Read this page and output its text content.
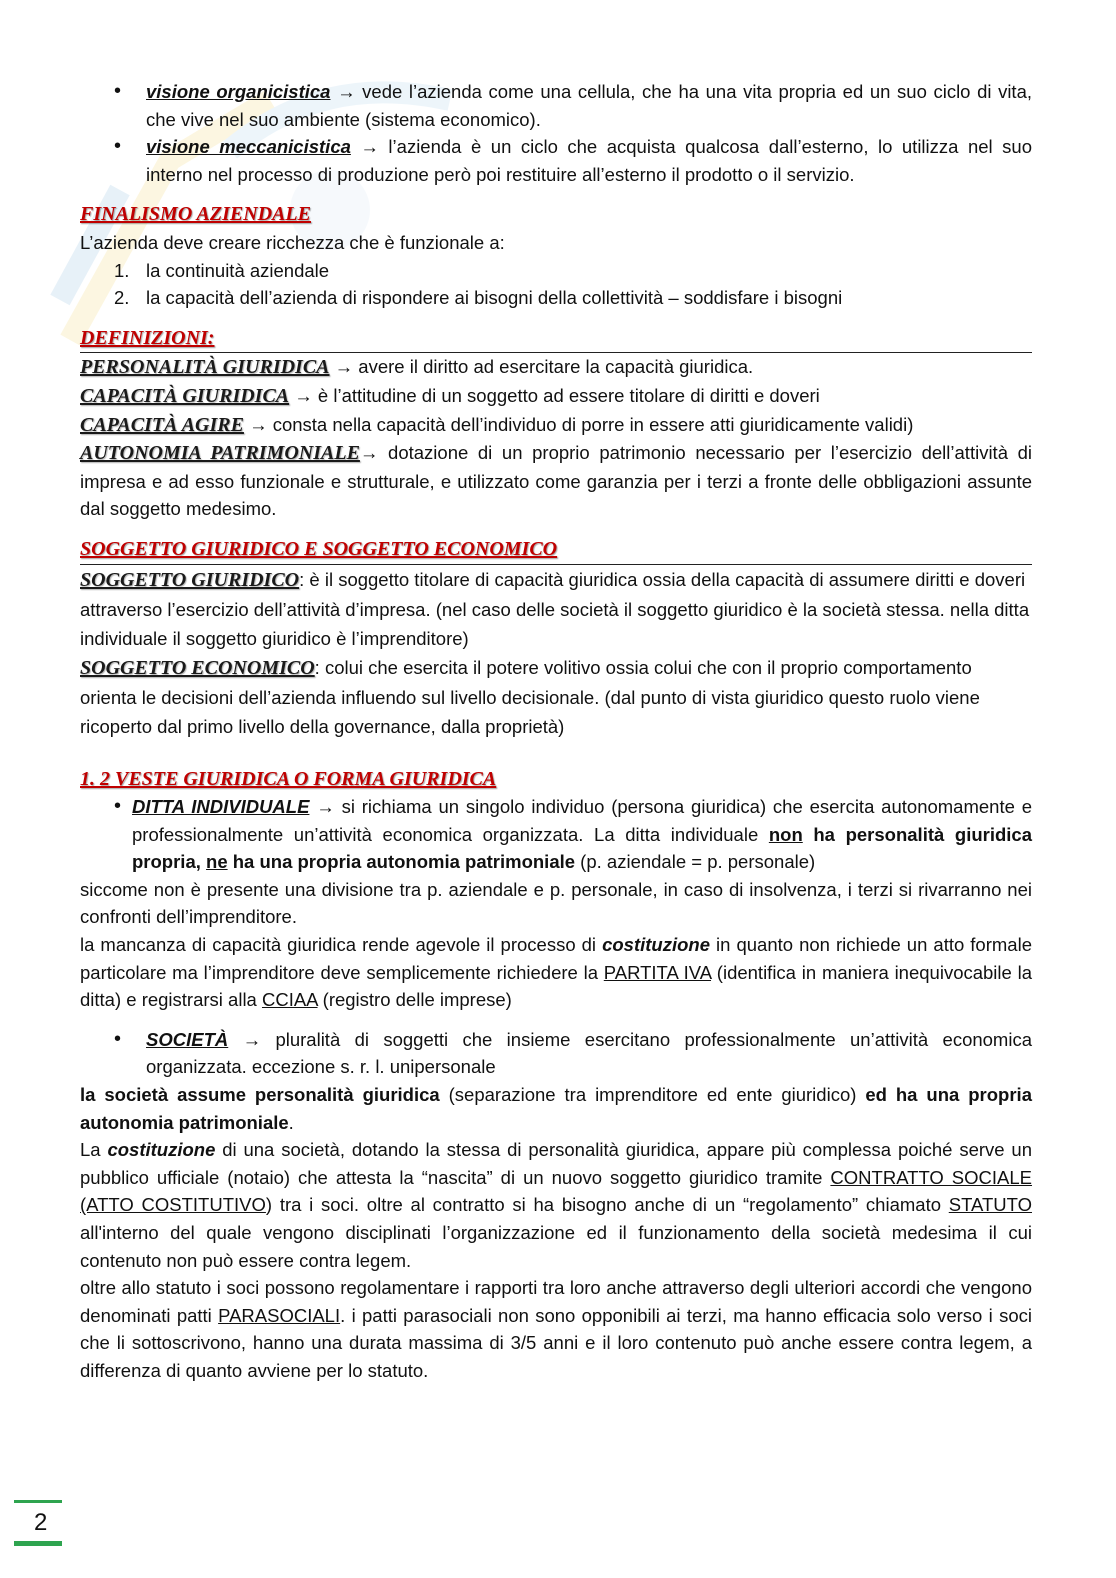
• visione organicistica → vede l’azienda come una cellula, che ha una vita propria ed un suo ciclo di vita, che vive nel suo ambiente (sistema economico).
• visione meccanicistica → l’azienda è un ciclo che acquista qualcosa dall’esterno, lo utilizza nel suo interno nel processo di produzione però poi restituire all’esterno il prodotto o il servizio.
FINALISMO AZIENDALE
L’azienda deve creare ricchezza che è funzionale a:
1. la continuità aziendale
2. la capacità dell’azienda di rispondere ai bisogni della collettività – soddisfare i bisogni
DEFINIZIONI:
PERSONALITÀ GIURIDICA → avere il diritto ad esercitare la capacità giuridica.
CAPACITÀ GIURIDICA → è l’attitudine di un soggetto ad essere titolare di diritti e doveri
CAPACITÀ AGIRE → consta nella capacità dell’individuo di porre in essere atti giuridicamente validi)
AUTONOMIA PATRIMONIALE→ dotazione di un proprio patrimonio necessario per l’esercizio dell’attività di impresa e ad esso funzionale e strutturale, e utilizzato come garanzia per i terzi a fronte delle obbligazioni assunte dal soggetto medesimo.
SOGGETTO GIURIDICO E SOGGETTO ECONOMICO
SOGGETTO GIURIDICO: è il soggetto titolare di capacità giuridica ossia della capacità di assumere diritti e doveri attraverso l’esercizio dell’attività d’impresa. (nel caso delle società il soggetto giuridico è la società stessa. nella ditta individuale il soggetto giuridico è l’imprenditore)
SOGGETTO ECONOMICO: colui che esercita il potere volitivo ossia colui che con il proprio comportamento orienta le decisioni dell’azienda influendo sul livello decisionale. (dal punto di vista giuridico questo ruolo viene ricoperto dal primo livello della governance, dalla proprietà)
1. 2 VESTE GIURIDICA O FORMA GIURIDICA
• DITTA INDIVIDUALE → si richiama un singolo individuo (persona giuridica) che esercita autonomamente e professionalmente un’attività economica organizzata. La ditta individuale non ha personalità giuridica propria, ne ha una propria autonomia patrimoniale (p. aziendale = p. personale)
siccome non è presente una divisione tra p. aziendale e p. personale, in caso di insolvenza, i terzi si rivarranno nei confronti dell’imprenditore.
la mancanza di capacità giuridica rende agevole il processo di costituzione in quanto non richiede un atto formale particolare ma l’imprenditore deve semplicemente richiedere la PARTITA IVA (identifica in maniera inequivocabile la ditta) e registrarsi alla CCIAA (registro delle imprese)
• SOCIETÀ → pluralità di soggetti che insieme esercitano professionalmente un’attività economica organizzata. eccezione s. r. l. unipersonale
la società assume personalità giuridica (separazione tra imprenditore ed ente giuridico) ed ha una propria autonomia patrimoniale.
La costituzione di una società, dotando la stessa di personalità giuridica, appare più complessa poiché serve un pubblico ufficiale (notaio) che attesta la “nascita” di un nuovo soggetto giuridico tramite CONTRATTO SOCIALE (ATTO COSTITUTIVO) tra i soci. oltre al contratto si ha bisogno anche di un “regolamento” chiamato STATUTO all'interno del quale vengono disciplinati l’organizzazione ed il funzionamento della società medesima il cui contenuto non può essere contra legem.
oltre allo statuto i soci possono regolamentare i rapporti tra loro anche attraverso degli ulteriori accordi che vengono denominati patti PARASOCIALI. i patti parasociali non sono opponibili ai terzi, ma hanno efficacia solo verso i soci che li sottoscrivono, hanno una durata massima di 3/5 anni e il loro contenuto può anche essere contra legem, a differenza di quanto avviene per lo statuto.
2
